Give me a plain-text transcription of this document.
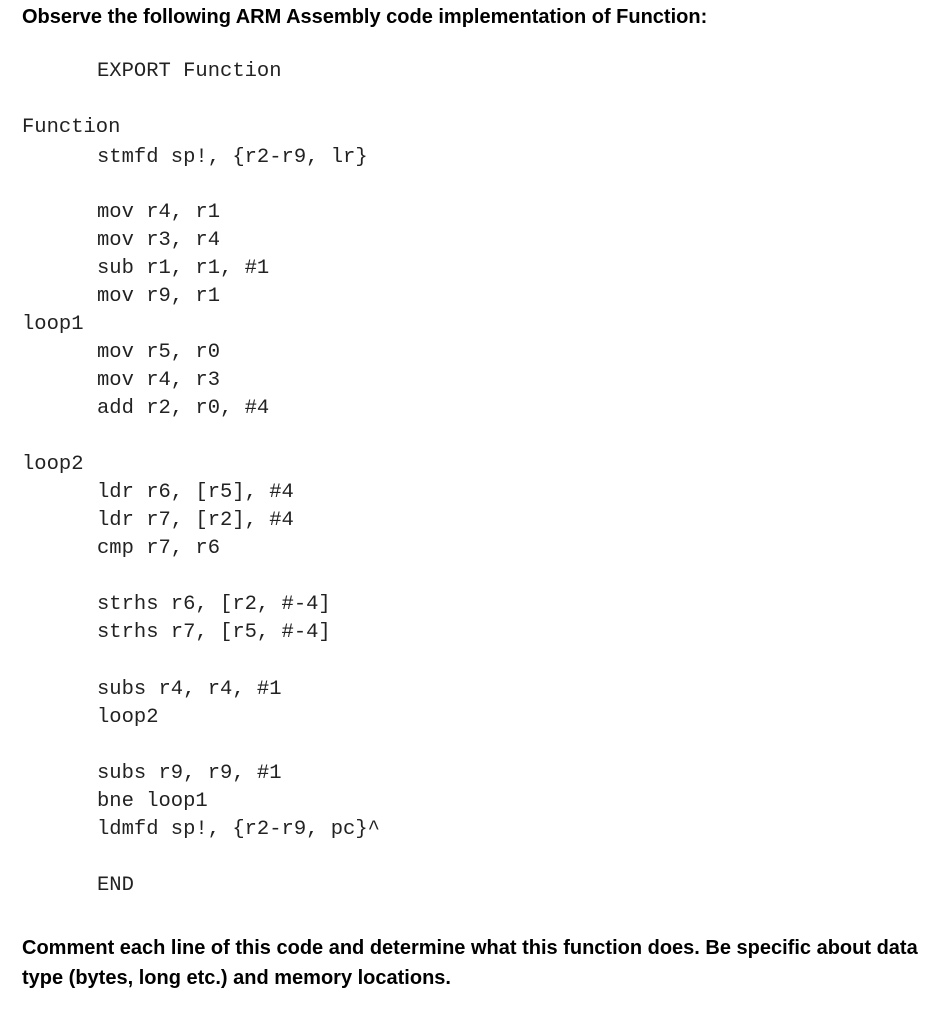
Observe the following ARM Assembly code implementation of Function:

EXPORT Function
Function
stmfd sp!, {r2-r9, lr}
mov r4, r1
mov r3, r4
sub r1, r1, #1
mov r9, r1
loop1
mov r5, r0
mov r4, r3
add r2, r0, #4
loop2
ldr r6, [r5], #4
ldr r7, [r2], #4
cmp r7, r6
strhs r6, [r2, #-4]
strhs r7, [r5, #-4]
subs r4, r4, #1
loop2
subs r9, r9, #1
bne loop1
ldmfd sp!, {r2-r9, pc}^
END
Comment each line of this code and determine what this function does. Be specific about data
type (bytes, long etc.) and memory locations.
